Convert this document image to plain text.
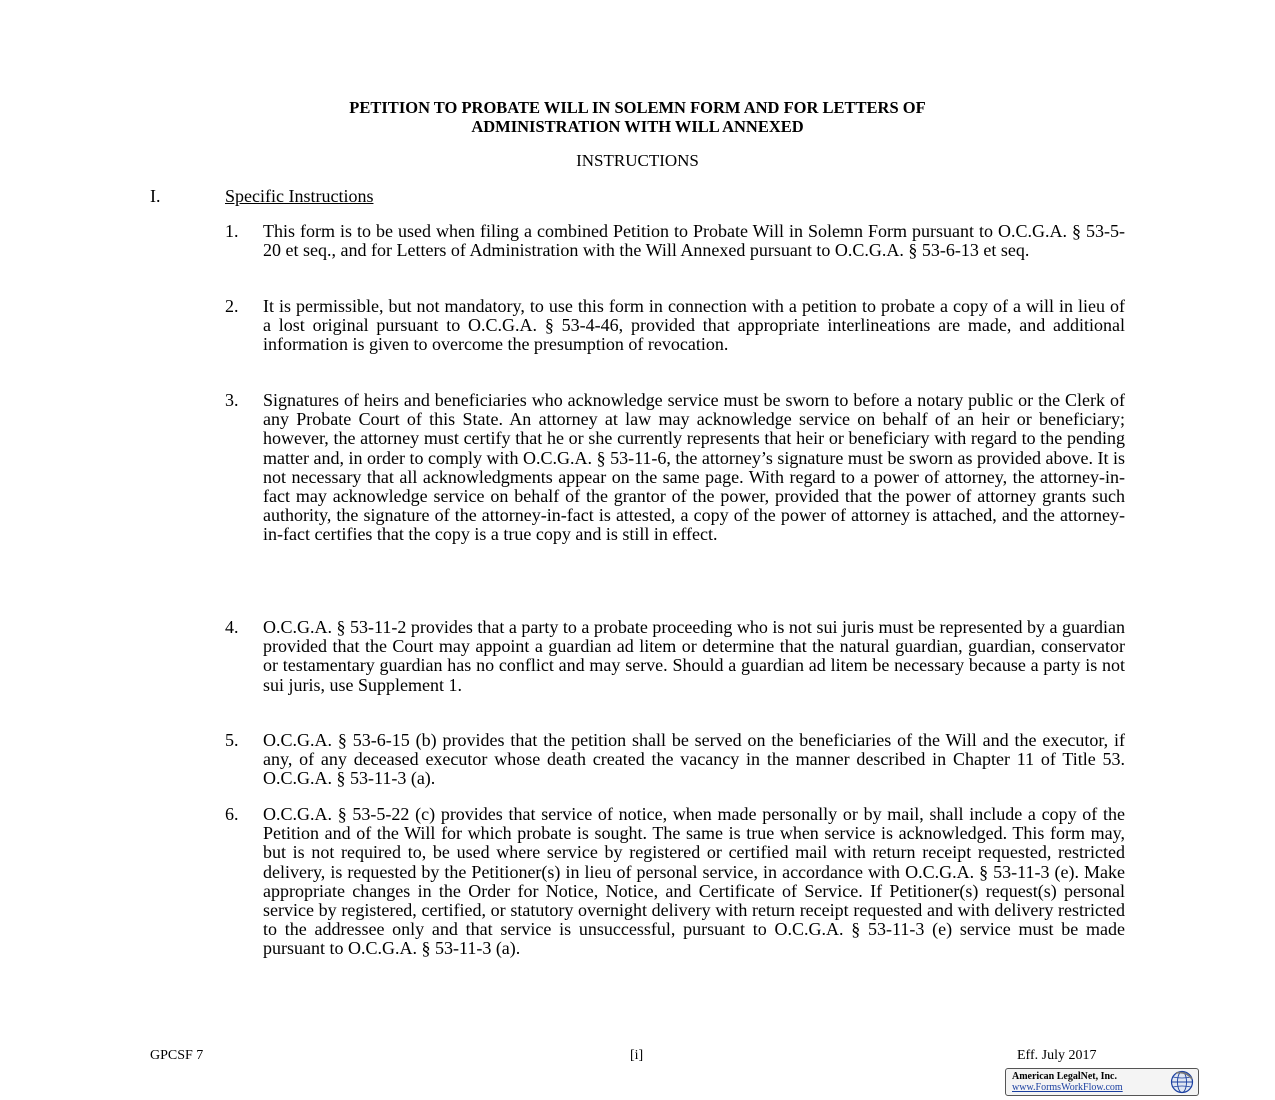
PETITION TO PROBATE WILL IN SOLEMN FORM AND FOR LETTERS OF
ADMINISTRATION WITH WILL ANNEXED
INSTRUCTIONS
I.	Specific Instructions
1. This form is to be used when filing a combined Petition to Probate Will in Solemn Form pursuant to O.C.G.A. § 53-5-20 et seq., and for Letters of Administration with the Will Annexed pursuant to O.C.G.A. § 53-6-13 et seq.
2. It is permissible, but not mandatory, to use this form in connection with a petition to probate a copy of a will in lieu of a lost original pursuant to O.C.G.A. § 53-4-46, provided that appropriate interlineations are made, and additional information is given to overcome the presumption of revocation.
3. Signatures of heirs and beneficiaries who acknowledge service must be sworn to before a notary public or the Clerk of any Probate Court of this State. An attorney at law may acknowledge service on behalf of an heir or beneficiary; however, the attorney must certify that he or she currently represents that heir or beneficiary with regard to the pending matter and, in order to comply with O.C.G.A. § 53-11-6, the attorney’s signature must be sworn as provided above. It is not necessary that all acknowledgments appear on the same page. With regard to a power of attorney, the attorney-in-fact may acknowledge service on behalf of the grantor of the power, provided that the power of attorney grants such authority, the signature of the attorney-in-fact is attested, a copy of the power of attorney is attached, and the attorney-in-fact certifies that the copy is a true copy and is still in effect.
4. O.C.G.A. § 53-11-2 provides that a party to a probate proceeding who is not sui juris must be represented by a guardian provided that the Court may appoint a guardian ad litem or determine that the natural guardian, guardian, conservator or testamentary guardian has no conflict and may serve. Should a guardian ad litem be necessary because a party is not sui juris, use Supplement 1.
5. O.C.G.A. § 53-6-15 (b) provides that the petition shall be served on the beneficiaries of the Will and the executor, if any, of any deceased executor whose death created the vacancy in the manner described in Chapter 11 of Title 53. O.C.G.A. § 53-11-3 (a).
6. O.C.G.A. § 53-5-22 (c) provides that service of notice, when made personally or by mail, shall include a copy of the Petition and of the Will for which probate is sought. The same is true when service is acknowledged. This form may, but is not required to, be used where service by registered or certified mail with return receipt requested, restricted delivery, is requested by the Petitioner(s) in lieu of personal service, in accordance with O.C.G.A. § 53-11-3 (e). Make appropriate changes in the Order for Notice, Notice, and Certificate of Service. If Petitioner(s) request(s) personal service by registered, certified, or statutory overnight delivery with return receipt requested and with delivery restricted to the addressee only and that service is unsuccessful, pursuant to O.C.G.A. § 53-11-3 (e) service must be made pursuant to O.C.G.A. § 53-11-3 (a).
GPCSF 7	[i]	Eff. July 2017
American LegalNet, Inc.
www.FormsWorkFlow.com
